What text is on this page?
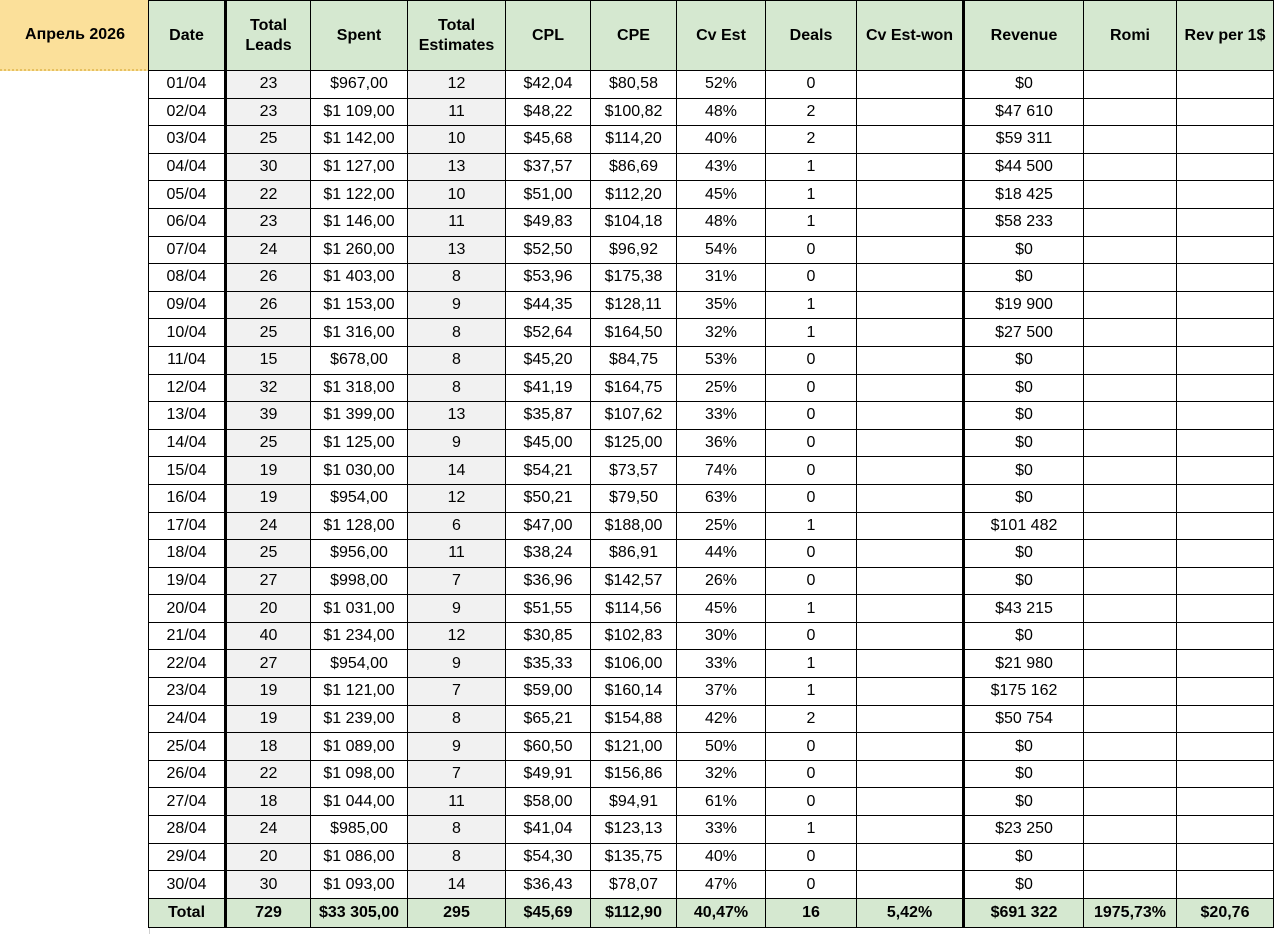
Апрель 2026	Date	Total Leads	Spent	Total Estimates	CPL	CPE	Cv Est	Deals	Cv Est-won	Revenue	Romi	Rev per 1$
01/04	23	$967,00	12	$42,04	$80,58	52%	0		$0		
02/04	23	$1 109,00	11	$48,22	$100,82	48%	2		$47 610		
03/04	25	$1 142,00	10	$45,68	$114,20	40%	2		$59 311		
04/04	30	$1 127,00	13	$37,57	$86,69	43%	1		$44 500		
05/04	22	$1 122,00	10	$51,00	$112,20	45%	1		$18 425		
06/04	23	$1 146,00	11	$49,83	$104,18	48%	1		$58 233		
07/04	24	$1 260,00	13	$52,50	$96,92	54%	0		$0		
08/04	26	$1 403,00	8	$53,96	$175,38	31%	0		$0		
09/04	26	$1 153,00	9	$44,35	$128,11	35%	1		$19 900		
10/04	25	$1 316,00	8	$52,64	$164,50	32%	1		$27 500		
11/04	15	$678,00	8	$45,20	$84,75	53%	0		$0		
12/04	32	$1 318,00	8	$41,19	$164,75	25%	0		$0		
13/04	39	$1 399,00	13	$35,87	$107,62	33%	0		$0		
14/04	25	$1 125,00	9	$45,00	$125,00	36%	0		$0		
15/04	19	$1 030,00	14	$54,21	$73,57	74%	0		$0		
16/04	19	$954,00	12	$50,21	$79,50	63%	0		$0		
17/04	24	$1 128,00	6	$47,00	$188,00	25%	1		$101 482		
18/04	25	$956,00	11	$38,24	$86,91	44%	0		$0		
19/04	27	$998,00	7	$36,96	$142,57	26%	0		$0		
20/04	20	$1 031,00	9	$51,55	$114,56	45%	1		$43 215		
21/04	40	$1 234,00	12	$30,85	$102,83	30%	0		$0		
22/04	27	$954,00	9	$35,33	$106,00	33%	1		$21 980		
23/04	19	$1 121,00	7	$59,00	$160,14	37%	1		$175 162		
24/04	19	$1 239,00	8	$65,21	$154,88	42%	2		$50 754		
25/04	18	$1 089,00	9	$60,50	$121,00	50%	0		$0		
26/04	22	$1 098,00	7	$49,91	$156,86	32%	0		$0		
27/04	18	$1 044,00	11	$58,00	$94,91	61%	0		$0		
28/04	24	$985,00	8	$41,04	$123,13	33%	1		$23 250		
29/04	20	$1 086,00	8	$54,30	$135,75	40%	0		$0		
30/04	30	$1 093,00	14	$36,43	$78,07	47%	0		$0		
Total	729	$33 305,00	295	$45,69	$112,90	40,47%	16	5,42%	$691 322	1975,73%	$20,76
